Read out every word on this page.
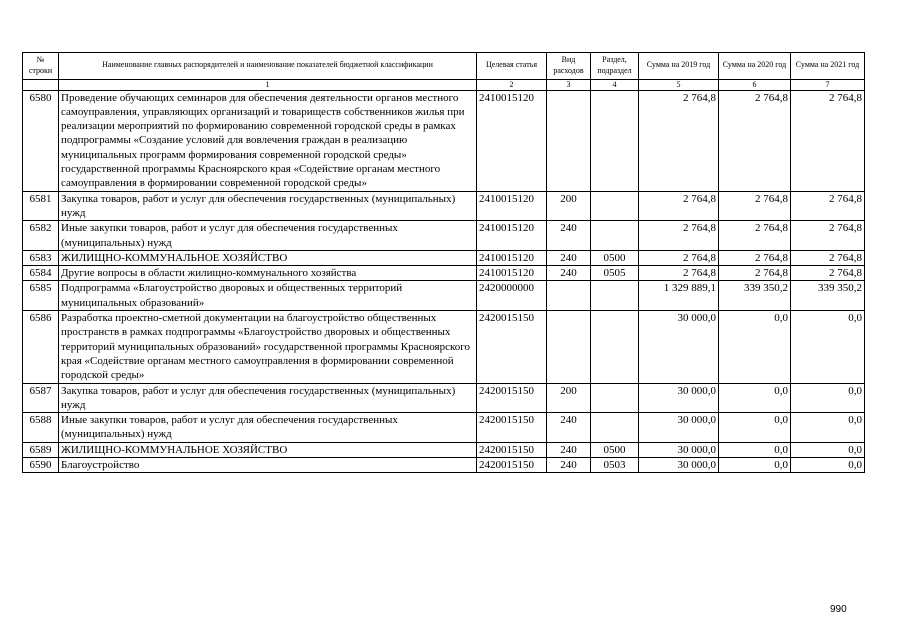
№ строки	Наименование главных распорядителей и наименование показателей бюджетной классификации	Целевая статья	Вид расходов	Раздел, подраздел	Сумма на 2019 год	Сумма на 2020 год	Сумма на 2021 год
	1	2	3	4	5	6	7
6580	Проведение обучающих семинаров для обеспечения деятельности органов местного самоуправления, управляющих организаций и товариществ собственников жилья при реализации мероприятий по формированию современной городской среды в рамках подпрограммы «Создание условий для вовлечения граждан в реализацию муниципальных программ формирования современной городской среды» государственной программы Красноярского края «Содействие органам местного самоуправления в формировании современной городской среды»	2410015120			2 764,8	2 764,8	2 764,8
6581	Закупка товаров, работ и услуг для обеспечения государственных (муниципальных) нужд	2410015120	200		2 764,8	2 764,8	2 764,8
6582	Иные закупки товаров, работ и услуг для обеспечения государственных (муниципальных) нужд	2410015120	240		2 764,8	2 764,8	2 764,8
6583	ЖИЛИЩНО-КОММУНАЛЬНОЕ ХОЗЯЙСТВО	2410015120	240	0500	2 764,8	2 764,8	2 764,8
6584	Другие вопросы в области жилищно-коммунального хозяйства	2410015120	240	0505	2 764,8	2 764,8	2 764,8
6585	Подпрограмма «Благоустройство дворовых и общественных территорий муниципальных образований»	2420000000			1 329 889,1	339 350,2	339 350,2
6586	Разработка проектно-сметной документации на благоустройство общественных пространств в рамках подпрограммы «Благоустройство дворовых и общественных территорий муниципальных образований» государственной программы Красноярского края «Содействие органам местного самоуправления в формировании современной городской среды»	2420015150			30 000,0	0,0	0,0
6587	Закупка товаров, работ и услуг для обеспечения государственных (муниципальных) нужд	2420015150	200		30 000,0	0,0	0,0
6588	Иные закупки товаров, работ и услуг для обеспечения государственных (муниципальных) нужд	2420015150	240		30 000,0	0,0	0,0
6589	ЖИЛИЩНО-КОММУНАЛЬНОЕ ХОЗЯЙСТВО	2420015150	240	0500	30 000,0	0,0	0,0
6590	Благоустройство	2420015150	240	0503	30 000,0	0,0	0,0
990
